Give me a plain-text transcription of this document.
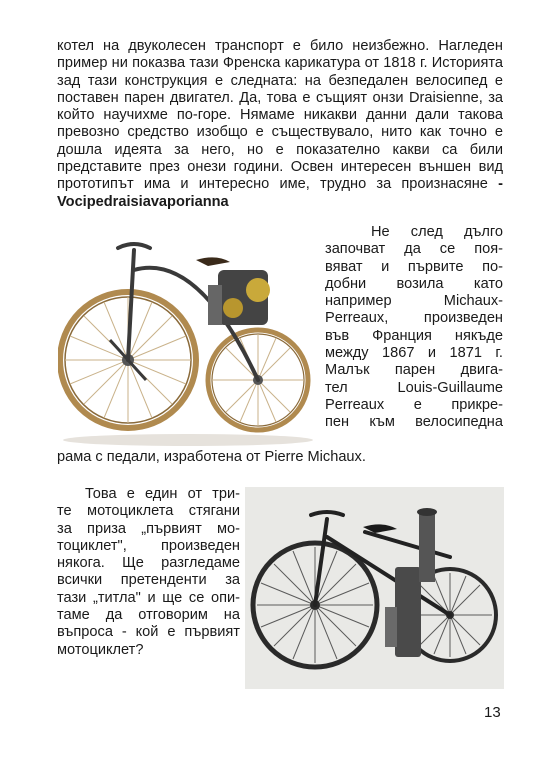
котел на двуколесен транспорт е било неизбежно. Нагледен пример ни показва тази Френска карикатура от 1818 г. Историята зад тази конструкция е следната: на безпедален велосипед е поставен парен двигател. Да, това е същият онзи Draisienne, за който научихме по-горе. Нямаме никакви данни дали такова превозно средство изобщо е съществувало, нито как точно е дошла идеята за него, но е показателно какви са били представите през онези години. Освен интересен външен вид прототипът има и интересно име, трудно за произнасяне - Vocipedraisiavaporianna

Не след дълго
започват да се поя-
вяват и първите по-
добни возила като
например Michaux-
Perreaux, произведен
във Франция някъде
между 1867 и 1871 г.
Малък парен двига-
тел Louis-Guillaume
Perreaux е прикре-
пен към велосипедна

рама с педали, изработена от Pierre Michaux.

Това е един от три-
те мотоциклета стягани
за приза „първият мо-
тоциклет", произведен
някога. Ще разгледаме
всички претенденти за
тази „титла" и ще се опи-
таме да отговорим на
въпроса - кой е първият
мотоциклет?
13
